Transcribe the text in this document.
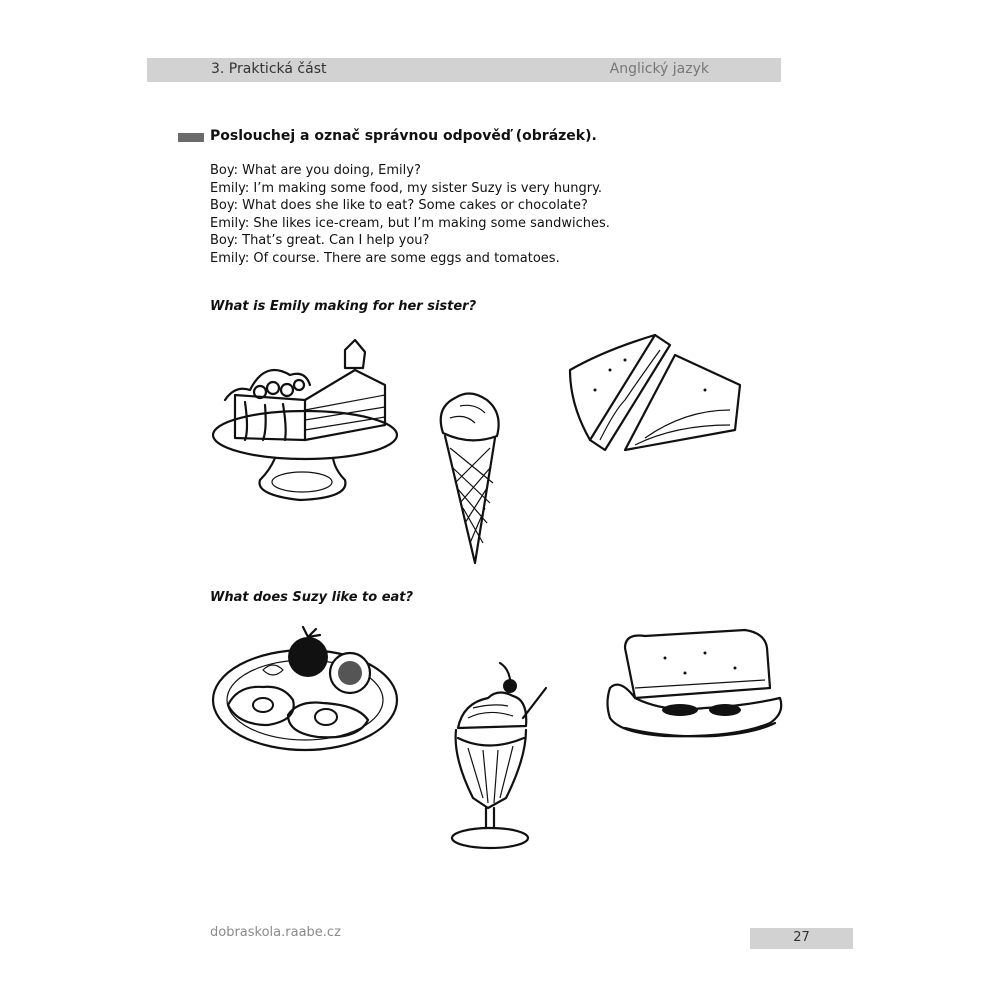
3. Praktická část	Anglický jazyk
Poslouchej a označ správnou odpověď (obrázek).
Boy: What are you doing, Emily?
Emily: I’m making some food, my sister Suzy is very hungry.
Boy: What does she like to eat? Some cakes or chocolate?
Emily: She likes ice-cream, but I’m making some sandwiches.
Boy: That’s great. Can I help you?
Emily: Of course. There are some eggs and tomatoes.
What is Emily making for her sister?
What does Suzy like to eat?
dobraskola.raabe.cz	27
